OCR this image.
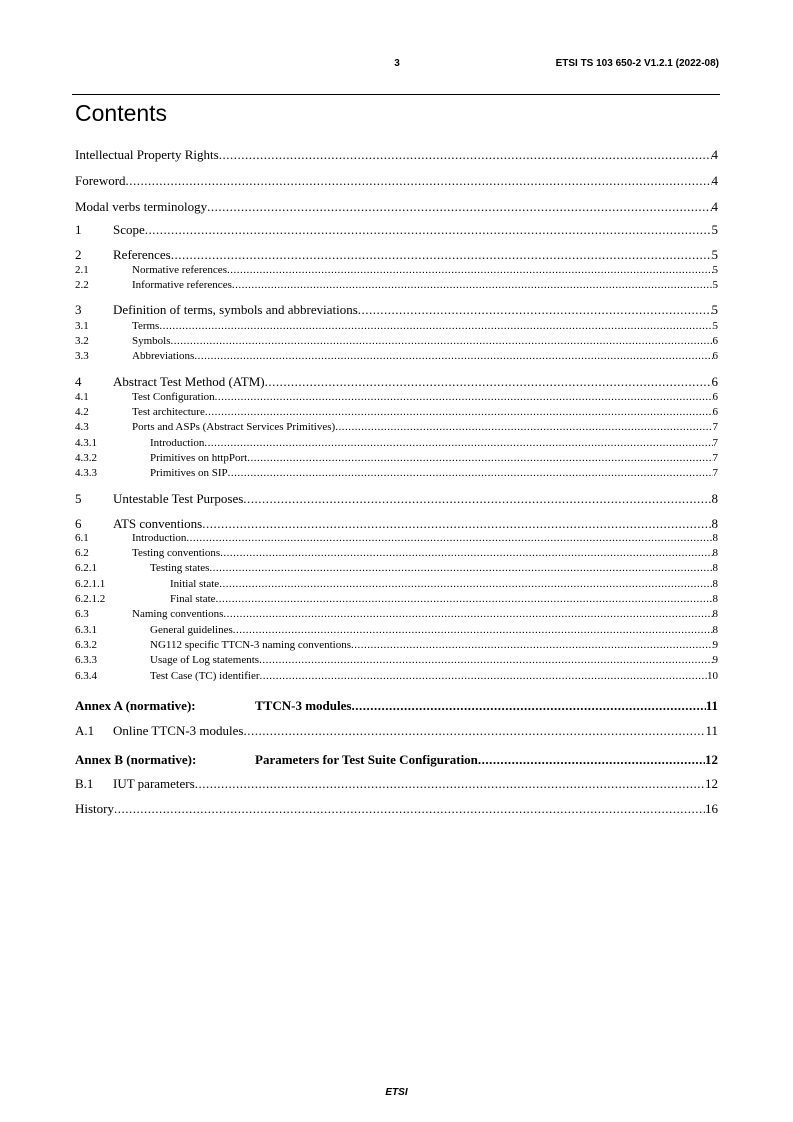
3	ETSI TS 103 650-2 V1.2.1 (2022-08)
Contents
Intellectual Property Rights .....	4
Foreword .....	4
Modal verbs terminology .....	4
1	Scope .....	5
2	References .....	5
2.1	Normative references .....	5
2.2	Informative references .....	5
3	Definition of terms, symbols and abbreviations .....	5
3.1	Terms .....	5
3.2	Symbols .....	6
3.3	Abbreviations .....	6
4	Abstract Test Method (ATM) .....	6
4.1	Test Configuration .....	6
4.2	Test architecture .....	6
4.3	Ports and ASPs (Abstract Services Primitives) .....	7
4.3.1	Introduction .....	7
4.3.2	Primitives on httpPort .....	7
4.3.3	Primitives on SIP .....	7
5	Untestable Test Purposes .....	8
6	ATS conventions .....	8
6.1	Introduction .....	8
6.2	Testing conventions .....	8
6.2.1	Testing states .....	8
6.2.1.1	Initial state .....	8
6.2.1.2	Final state .....	8
6.3	Naming conventions .....	8
6.3.1	General guidelines .....	8
6.3.2	NG112 specific TTCN-3 naming conventions .....	9
6.3.3	Usage of Log statements .....	9
6.3.4	Test Case (TC) identifier .....	10
Annex A (normative):	TTCN-3 modules .....	11
A.1	Online TTCN-3 modules .....	11
Annex B (normative):	Parameters for Test Suite Configuration .....	12
B.1	IUT parameters .....	12
History .....	16
ETSI
